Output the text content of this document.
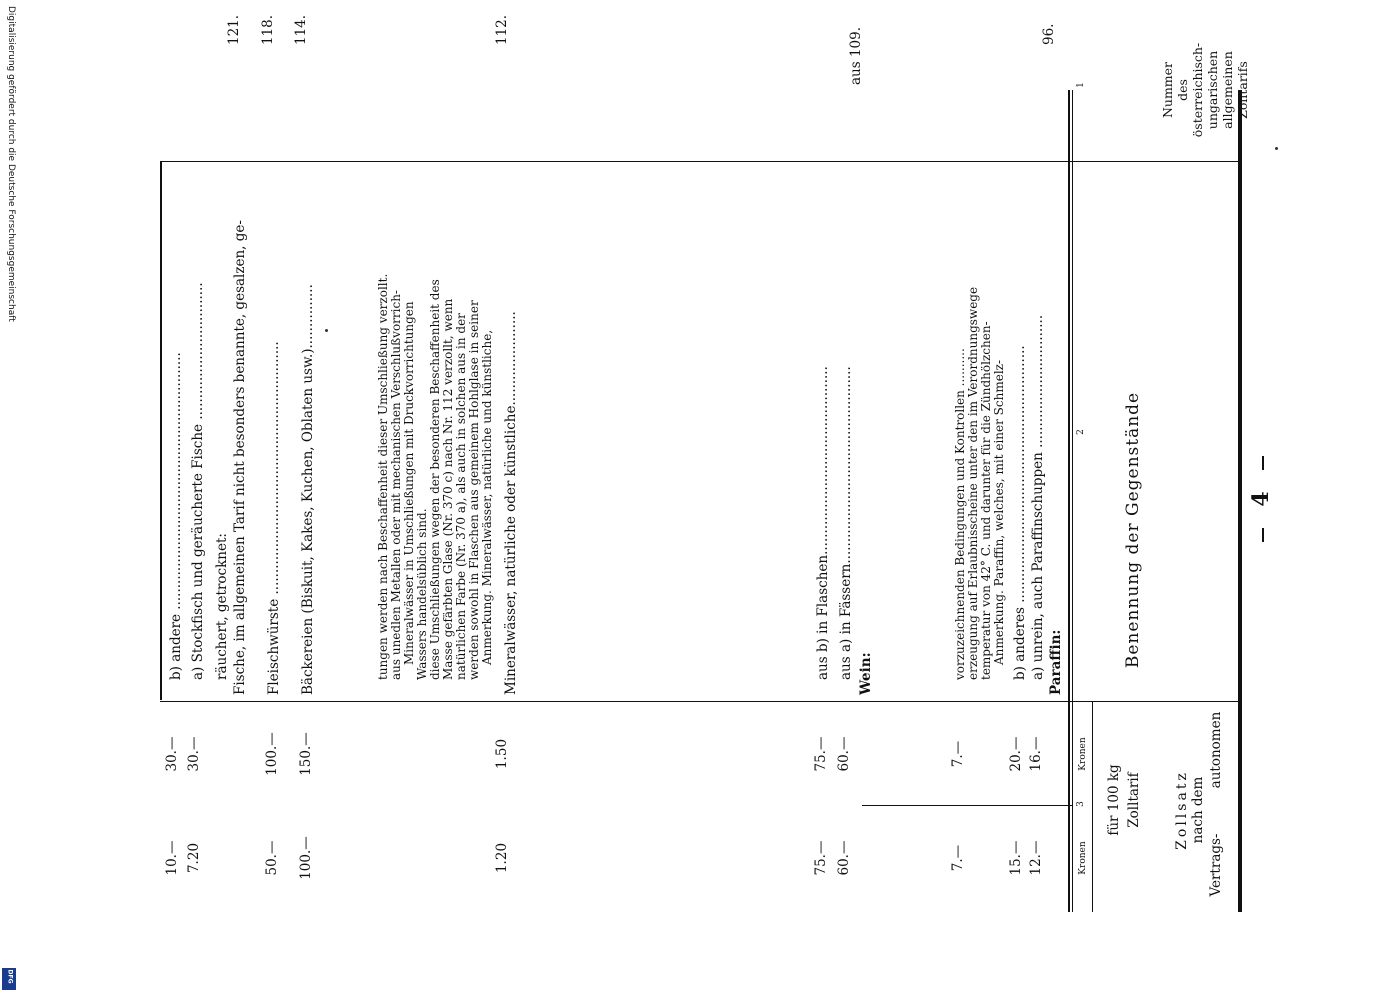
4
Nummer des österreichisch- ungarischen allgemeinen Zolltarifs
1
Benennung der Gegenstände
2
Zollsatz nach dem
autonomen
Vertrags-
Zolltarif
für 100 kg
Kronen
Kronen
3
96.
Paraffin:
a) unrein, auch Paraffinschuppen ...............................
16.—
12.—
b) anderes ............................................................
20.—
15.—
Anmerkung. Paraffin, welches, mit einer Schmelz-
temperatur von 42° C. und darunter für die Zündhölzchen-
erzeugung auf Erlaubnisscheine unter den im Verordnungswege
vorzuzeichnenden Bedingungen und Kontrollen ..........
7.—
7.—
aus 109.
Wein:
aus a) in Fässern..............................................
60.—
60.—
aus b) in Flaschen............................................
75.—
75.—
112.
Mineralwässer, natürliche oder künstliche......................
1.50
1.20
Anmerkung. Mineralwässer, natürliche und künstliche,
werden sowohl in Flaschen aus gemeinem Hohlglase in seiner
natürlichen Farbe (Nr. 370 a), als auch in solchen aus in der
Masse gefärbten Glase (Nr. 370 c) nach Nr. 112 verzollt, wenn
diese Umschließungen wegen der besonderen Beschaffenheit des
Wassers handelsüblich sind.
Mineralwässer in Umschließungen mit Druckvorrichtungen
aus unedlen Metallen oder mit mechanischen Verschlußvorrich-
tungen werden nach Beschaffenheit dieser Umschließung verzollt.
114.
Bäckereien (Biskuit, Kakes, Kuchen, Oblaten usw.)...............
150.—
100.—
118.
Fleischwürste ...........................................................
100.—
50.—
121.
Fische, im allgemeinen Tarif nicht besonders benannte, gesalzen, ge-
räuchert, getrocknet:
a) Stockfisch und geräucherte Fische ................................
30.—
7.20
b) andere ............................................................
30.—
10.—
Digitalisierung gefördert durch die Deutsche Forschungsgemeinschaft
DFG
